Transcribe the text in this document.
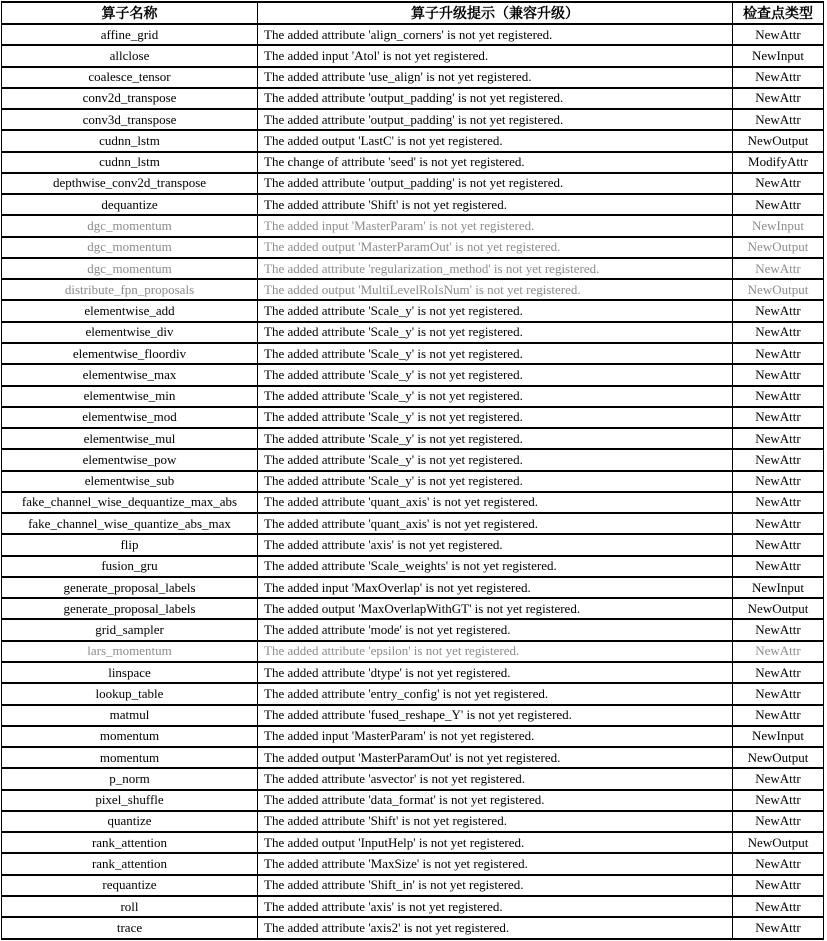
算子名称	算子升级提示（兼容升级）	检查点类型
affine_grid	The added attribute 'align_corners' is not yet registered.	NewAttr
allclose	The added input 'Atol' is not yet registered.	NewInput
coalesce_tensor	The added attribute 'use_align' is not yet registered.	NewAttr
conv2d_transpose	The added attribute 'output_padding' is not yet registered.	NewAttr
conv3d_transpose	The added attribute 'output_padding' is not yet registered.	NewAttr
cudnn_lstm	The added output 'LastC' is not yet registered.	NewOutput
cudnn_lstm	The change of attribute 'seed' is not yet registered.	ModifyAttr
depthwise_conv2d_transpose	The added attribute 'output_padding' is not yet registered.	NewAttr
dequantize	The added attribute 'Shift' is not yet registered.	NewAttr
dgc_momentum	The added input 'MasterParam' is not yet registered.	NewInput
dgc_momentum	The added output 'MasterParamOut' is not yet registered.	NewOutput
dgc_momentum	The added attribute 'regularization_method' is not yet registered.	NewAttr
distribute_fpn_proposals	The added output 'MultiLevelRoIsNum' is not yet registered.	NewOutput
elementwise_add	The added attribute 'Scale_y' is not yet registered.	NewAttr
elementwise_div	The added attribute 'Scale_y' is not yet registered.	NewAttr
elementwise_floordiv	The added attribute 'Scale_y' is not yet registered.	NewAttr
elementwise_max	The added attribute 'Scale_y' is not yet registered.	NewAttr
elementwise_min	The added attribute 'Scale_y' is not yet registered.	NewAttr
elementwise_mod	The added attribute 'Scale_y' is not yet registered.	NewAttr
elementwise_mul	The added attribute 'Scale_y' is not yet registered.	NewAttr
elementwise_pow	The added attribute 'Scale_y' is not yet registered.	NewAttr
elementwise_sub	The added attribute 'Scale_y' is not yet registered.	NewAttr
fake_channel_wise_dequantize_max_abs	The added attribute 'quant_axis' is not yet registered.	NewAttr
fake_channel_wise_quantize_abs_max	The added attribute 'quant_axis' is not yet registered.	NewAttr
flip	The added attribute 'axis' is not yet registered.	NewAttr
fusion_gru	The added attribute 'Scale_weights' is not yet registered.	NewAttr
generate_proposal_labels	The added input 'MaxOverlap' is not yet registered.	NewInput
generate_proposal_labels	The added output 'MaxOverlapWithGT' is not yet registered.	NewOutput
grid_sampler	The added attribute 'mode' is not yet registered.	NewAttr
lars_momentum	The added attribute 'epsilon' is not yet registered.	NewAttr
linspace	The added attribute 'dtype' is not yet registered.	NewAttr
lookup_table	The added attribute 'entry_config' is not yet registered.	NewAttr
matmul	The added attribute 'fused_reshape_Y' is not yet registered.	NewAttr
momentum	The added input 'MasterParam' is not yet registered.	NewInput
momentum	The added output 'MasterParamOut' is not yet registered.	NewOutput
p_norm	The added attribute 'asvector' is not yet registered.	NewAttr
pixel_shuffle	The added attribute 'data_format' is not yet registered.	NewAttr
quantize	The added attribute 'Shift' is not yet registered.	NewAttr
rank_attention	The added output 'InputHelp' is not yet registered.	NewOutput
rank_attention	The added attribute 'MaxSize' is not yet registered.	NewAttr
requantize	The added attribute 'Shift_in' is not yet registered.	NewAttr
roll	The added attribute 'axis' is not yet registered.	NewAttr
trace	The added attribute 'axis2' is not yet registered.	NewAttr
